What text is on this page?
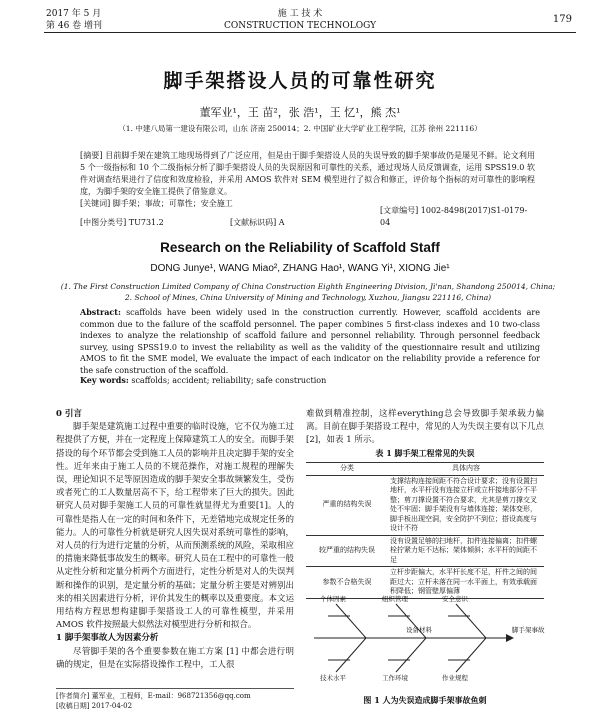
2017 年 5 月
第 46 卷 增刊
施 工 技 术
CONSTRUCTION TECHNOLOGY
179
脚手架搭设人员的可靠性研究
董军业¹，王 苗²，张 浩¹，王 忆¹，熊 杰¹
（1. 中建八局第一建设有限公司，山东 济南 250014；2. 中国矿业大学矿业工程学院，江苏 徐州 221116）
[摘要] 目前脚手架在建筑工地现场得到了广泛应用，但是由于脚手架搭设人员的失误导致的脚手架事故仍是屡见不鲜。论文利用 5 个一级指标和 10 个二级指标分析了脚手架搭设人员的失误原因和可靠性的关系，通过现场人员反馈调查，运用 SPSS19.0 软件对调查结果进行了信度和效度检验，并采用 AMOS 软件对 SEM 模型进行了拟合和修正，评价每个指标的对可靠性的影响程度，为脚手架的安全施工提供了借鉴意义。
[关键词] 脚手架；事故；可靠性；安全施工
[中图分类号] TU731.2	[文献标识码] A[文章编号] 1002-8498(2017)S1-0179-04
Research on the Reliability of Scaffold Staff
DONG Junye¹, WANG Miao², ZHANG Hao¹, WANG Yi¹, XIONG Jie¹
(1. The First Construction Limited Company of China Construction Eighth Engineering Division, Ji'nan, Shandong 250014, China;
2. School of Mines, China University of Mining and Technology, Xuzhou, Jiangsu 221116, China)
Abstract: scaffolds have been widely used in the construction currently. However, scaffold accidents are common due to the failure of the scaffold personnel. The paper combines 5 first-class indexes and 10 two-class indexes to analyze the relationship of scaffold failure and personnel reliability. Through personnel feedback survey, using SPSS19.0 to invest the reliability as well as the validity of the questionnaire result and utilizing AMOS to fit the SME model, We evaluate the impact of each indicator on the reliability provide a reference for the safe construction of the scaffold.
Key words: scaffolds; accident; reliability; safe construction

0 引言

脚手架是建筑施工过程中重要的临时设施，它不仅为施工过程提供了方便，并在一定程度上保障建筑工人的安全。而脚手架搭设的每个环节都会受到施工人员的影响并且决定脚手架的安全性。近年来由于施工人员的不规范操作，对施工规程的理解失误，理论知识不足等原因造成的脚手架安全事故频繁发生，受伤或者死亡的工人数量居高不下，给工程带来了巨大的损失。因此研究人员对脚手架施工人员的可靠性就显得尤为重要[1]。人的可靠性是指人在一定的时间和条件下，无差错地完成规定任务的能力。人的可靠性分析就是研究人因失误对系统可靠性的影响，对人员的行为进行定量的分析，从而预测系统的风险，采取相应的措施来降低事故发生的概率。研究人员在工程中的可靠性一般从定性分析和定量分析两个方面进行，定性分析是对人的失误判断和操作的识别，是定量分析的基础；定量分析主要是对辨别出来的相关因素进行分析，评价其发生的概率以及重要度。本文运用结构方程思想构建脚手架搭设工人的可靠性模型，并采用 AMOS 软件按照最大似然法对模型进行分析和拟合。

1 脚手架事故人为因素分析

尽管脚手架的各个重要参数在施工方案 [1] 中都会进行明确的规定，但是在实际搭设操作工程中，工人很

难做到精准控制，这样everything总会导致脚手架承载力偏离。目前在脚手架搭设工程中，常见的人为失误主要有以下几点[2]，如表 1 所示。

表 1 脚手架工程常见的失误
分类	具体内容
严重的结构失误	支撑结构连接间距不符合设计要求；没有设置扫地杆，水平杆没有连接立杆或立杆接地部分不平整；剪刀撑设置不符合要求，尤其是剪刀撑交叉处不牢固；脚手架没有与墙体连接；架体变形，脚手板出现空洞，安全防护不到位；搭设高度与设计不符
较严重的结构失误	没有设置足够的扫地杆，扣件连接偏离；扣件螺栓拧紧力矩不达标；架体倾斜；水平杆的间距不足
参数不合格失误	立杆步距偏大，水平杆长度不足，杆件之间的间距过大；立杆未落在同一水平面上，有效承载面积降低；钢管壁厚偏薄
个体因素	组织管理	安全意识
技术水平	工作环境	作业规程
设备材料	脚手架事故
图 1 人为失误造成脚手架事故鱼刺
[作者简介] 董军业，工程师，E-mail：968721356@qq.com
[收稿日期] 2017-04-02
